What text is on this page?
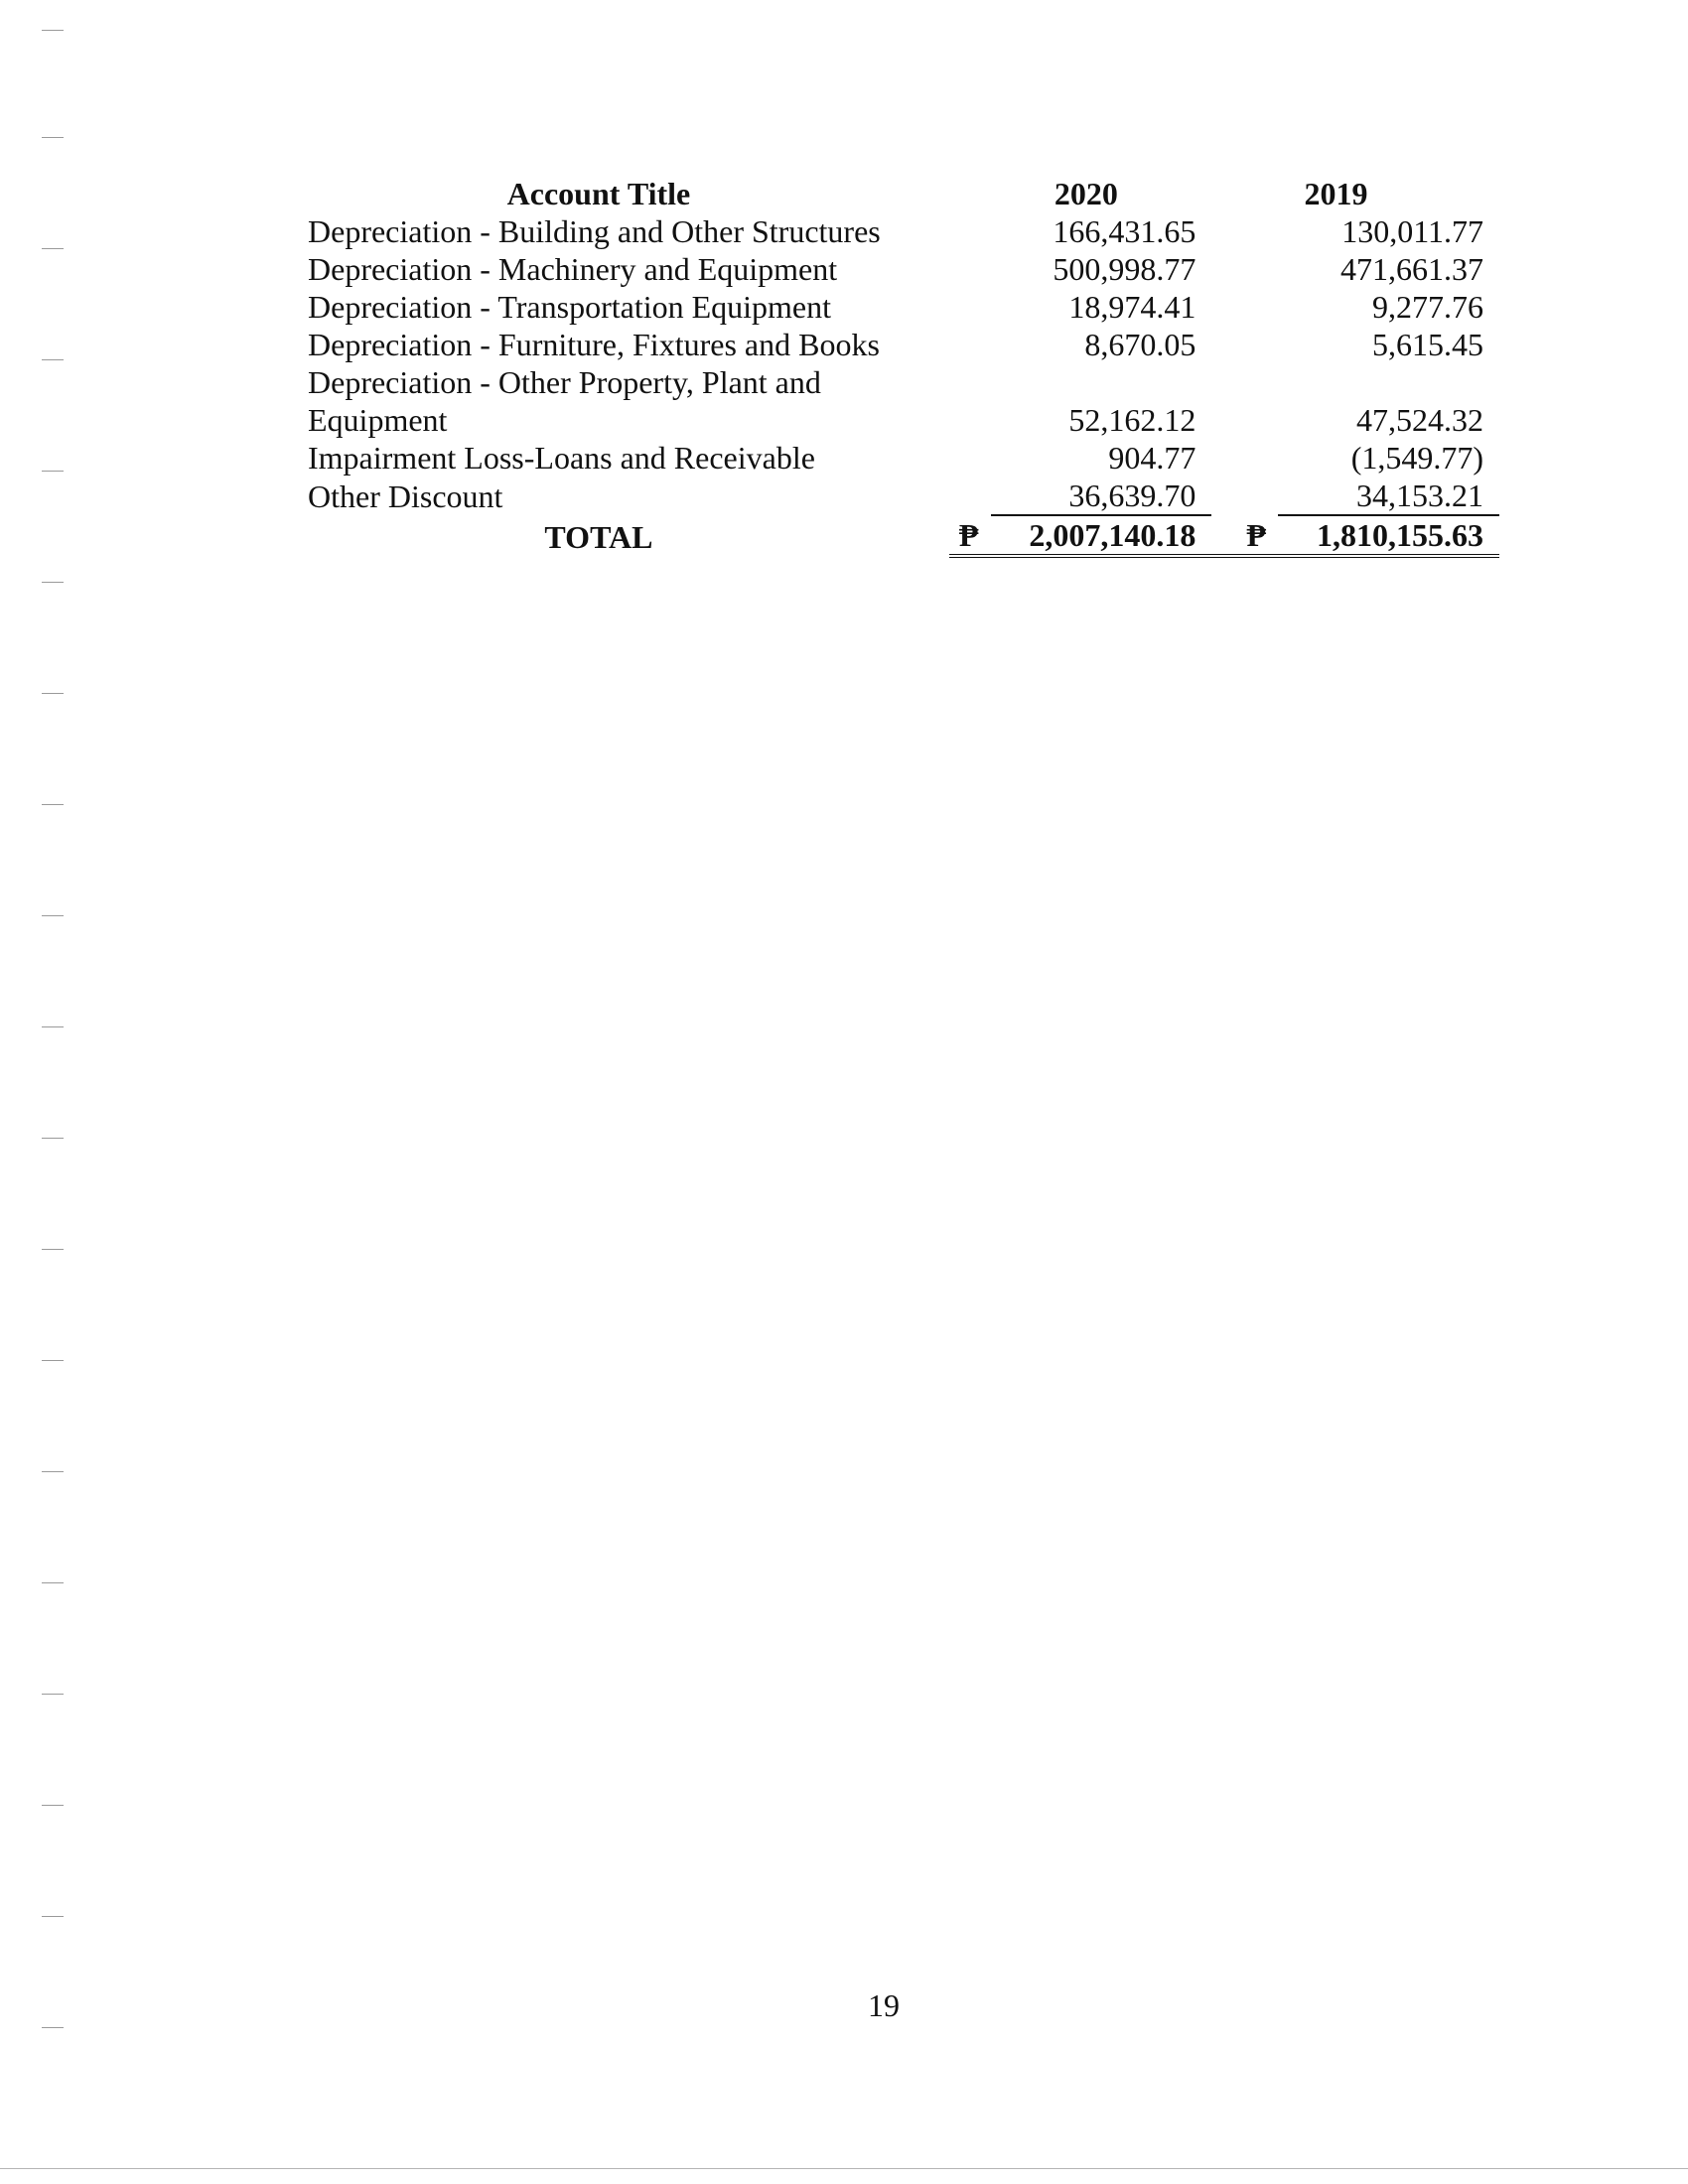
Account Title	2020			2019	
Depreciation - Building and Other Structures		166,431.65			130,011.77
Depreciation - Machinery and Equipment		500,998.77			471,661.37
Depreciation - Transportation Equipment		18,974.41			9,277.76
Depreciation - Furniture, Fixtures and Books		8,670.05			5,615.45
Depreciation - Other Property, Plant and					
Equipment		52,162.12			47,524.32
Impairment Loss-Loans and Receivable		904.77			(1,549.77)
Other Discount		36,639.70			34,153.21
TOTAL	₱	2,007,140.18		₱	1,810,155.63
19
